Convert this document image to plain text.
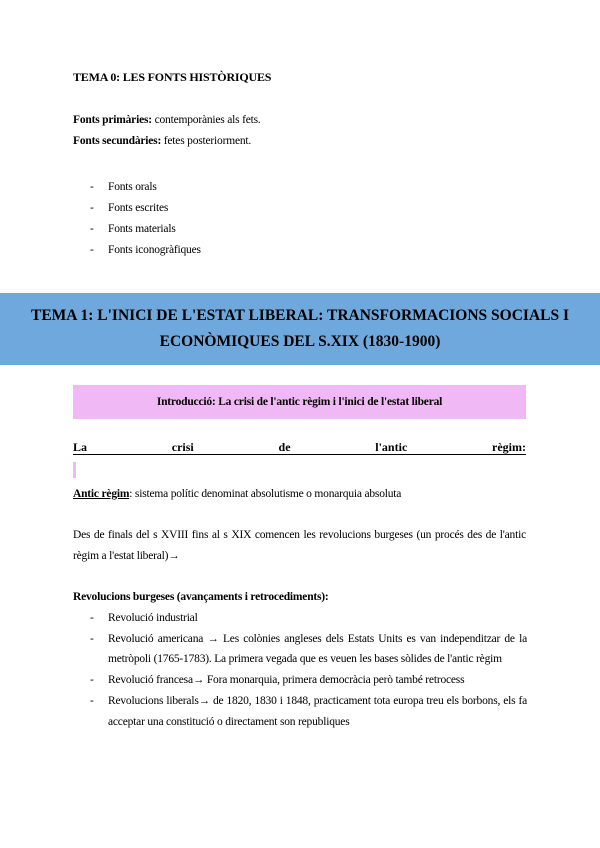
TEMA 0: LES FONTS HISTÒRIQUES
Fonts primàries: contemporànies als fets.
Fonts secundàries: fetes posteriorment.
- Fonts orals
- Fonts escrites
- Fonts materials
- Fonts iconogràfiques
TEMA 1: L'INICI DE L'ESTAT LIBERAL: TRANSFORMACIONS SOCIALS I
ECONÒMIQUES DEL S.XIX (1830-1900)
Introducció: La crisi de l'antic règim i l'inici de l'estat liberal
La	crisi	de	l'antic	règim:
Antic règim: sistema polític denominat absolutisme o monarquia absoluta
Des de finals del s XVIII fins al s XIX comencen les revolucions burgeses (un procés des de l'antic règim a l'estat liberal)→
Revolucions burgeses (avançaments i retrocediments):
- Revolució industrial
- Revolució americana → Les colònies angleses dels Estats Units es van independitzar de la metròpoli (1765-1783). La primera vegada que es veuen les bases sòlides de l'antic règim
- Revolució francesa→ Fora monarquia, primera democràcia però també retrocess
- Revolucions liberals→ de 1820, 1830 i 1848, practicament tota europa treu els borbons, els fa acceptar una constitució o directament son republiques
